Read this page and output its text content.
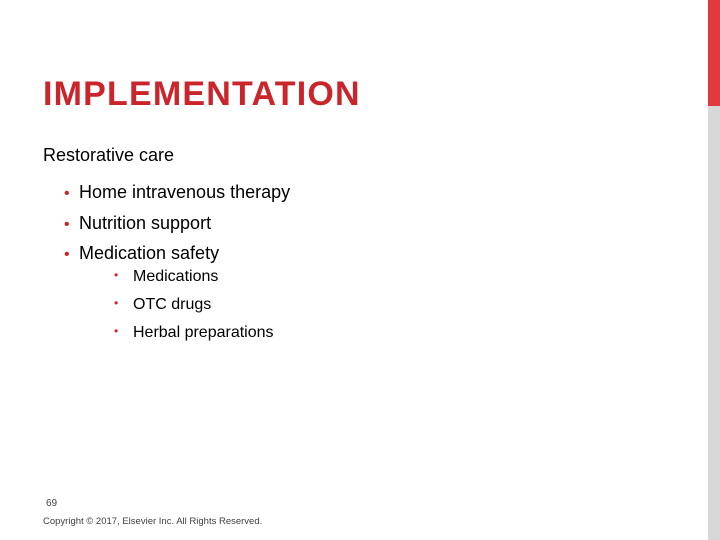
IMPLEMENTATION
Restorative care
• Home intravenous therapy
• Nutrition support
• Medication safety
• Medications
• OTC drugs
• Herbal preparations
69
Copyright © 2017, Elsevier Inc. All Rights Reserved.
